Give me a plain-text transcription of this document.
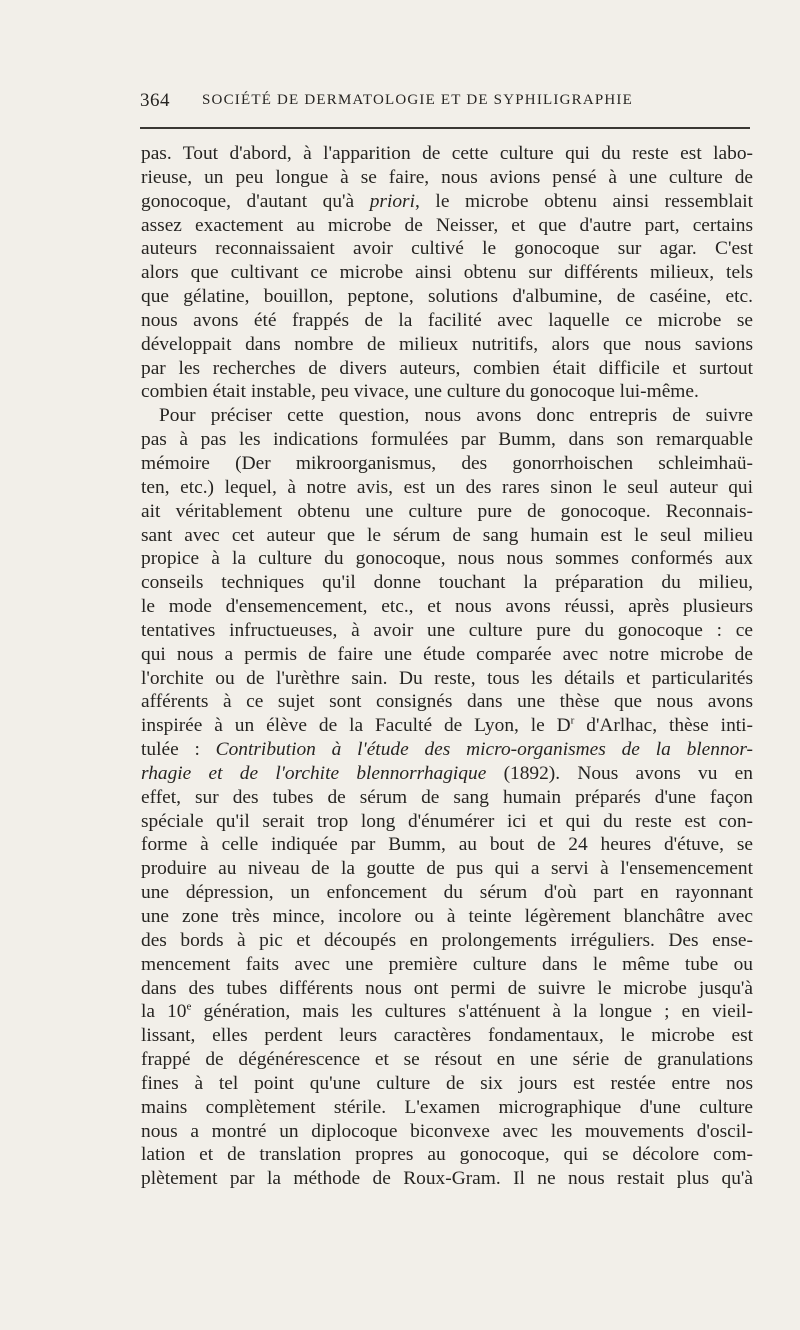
364 SOCIÉTÉ DE DERMATOLOGIE ET DE SYPHILIGRAPHIE
pas. Tout d'abord, à l'apparition de cette culture qui du reste est labo-
rieuse, un peu longue à se faire, nous avions pensé à une culture de
gonocoque, d'autant qu'à priori, le microbe obtenu ainsi ressemblait
assez exactement au microbe de Neisser, et que d'autre part, certains
auteurs reconnaissaient avoir cultivé le gonocoque sur agar. C'est
alors que cultivant ce microbe ainsi obtenu sur différents milieux, tels
que gélatine, bouillon, peptone, solutions d'albumine, de caséine, etc.
nous avons été frappés de la facilité avec laquelle ce microbe se
développait dans nombre de milieux nutritifs, alors que nous savions
par les recherches de divers auteurs, combien était difficile et surtout
combien était instable, peu vivace, une culture du gonocoque lui-même.
Pour préciser cette question, nous avons donc entrepris de suivre
pas à pas les indications formulées par Bumm, dans son remarquable
mémoire (Der mikroorganismus, des gonorrhoischen schleimhaü-
ten, etc.) lequel, à notre avis, est un des rares sinon le seul auteur qui
ait véritablement obtenu une culture pure de gonocoque. Reconnais-
sant avec cet auteur que le sérum de sang humain est le seul milieu
propice à la culture du gonocoque, nous nous sommes conformés aux
conseils techniques qu'il donne touchant la préparation du milieu,
le mode d'ensemencement, etc., et nous avons réussi, après plusieurs
tentatives infructueuses, à avoir une culture pure du gonocoque : ce
qui nous a permis de faire une étude comparée avec notre microbe de
l'orchite ou de l'urèthre sain. Du reste, tous les détails et particularités
afférents à ce sujet sont consignés dans une thèse que nous avons
inspirée à un élève de la Faculté de Lyon, le $D^r$ d'Arlhac, thèse inti-
tulée : Contribution à l'étude des micro-organismes de la blennor-
rhagie et de l'orchite blennorrhagique (1892). Nous avons vu en
effet, sur des tubes de sérum de sang humain préparés d'une façon
spéciale qu'il serait trop long d'énumérer ici et qui du reste est con-
forme à celle indiquée par Bumm, au bout de 24 heures d'étuve, se
produire au niveau de la goutte de pus qui a servi à l'ensemencement
une dépression, un enfoncement du sérum d'où part en rayonnant
une zone très mince, incolore ou à teinte légèrement blanchâtre avec
des bords à pic et découpés en prolongements irréguliers. Des ense-
mencement faits avec une première culture dans le même tube ou
dans des tubes différents nous ont permi de suivre le microbe jusqu'à
la 10e génération, mais les cultures s'atténuent à la longue ; en vieil-
lissant, elles perdent leurs caractères fondamentaux, le microbe est
frappé de dégénérescence et se résout en une série de granulations
fines à tel point qu'une culture de six jours est restée entre nos
mains complètement stérile. L'examen micrographique d'une culture
nous a montré un diplocoque biconvexe avec les mouvements d'oscil-
lation et de translation propres au gonocoque, qui se décolore com-
plètement par la méthode de Roux-Gram. Il ne nous restait plus qu'à
